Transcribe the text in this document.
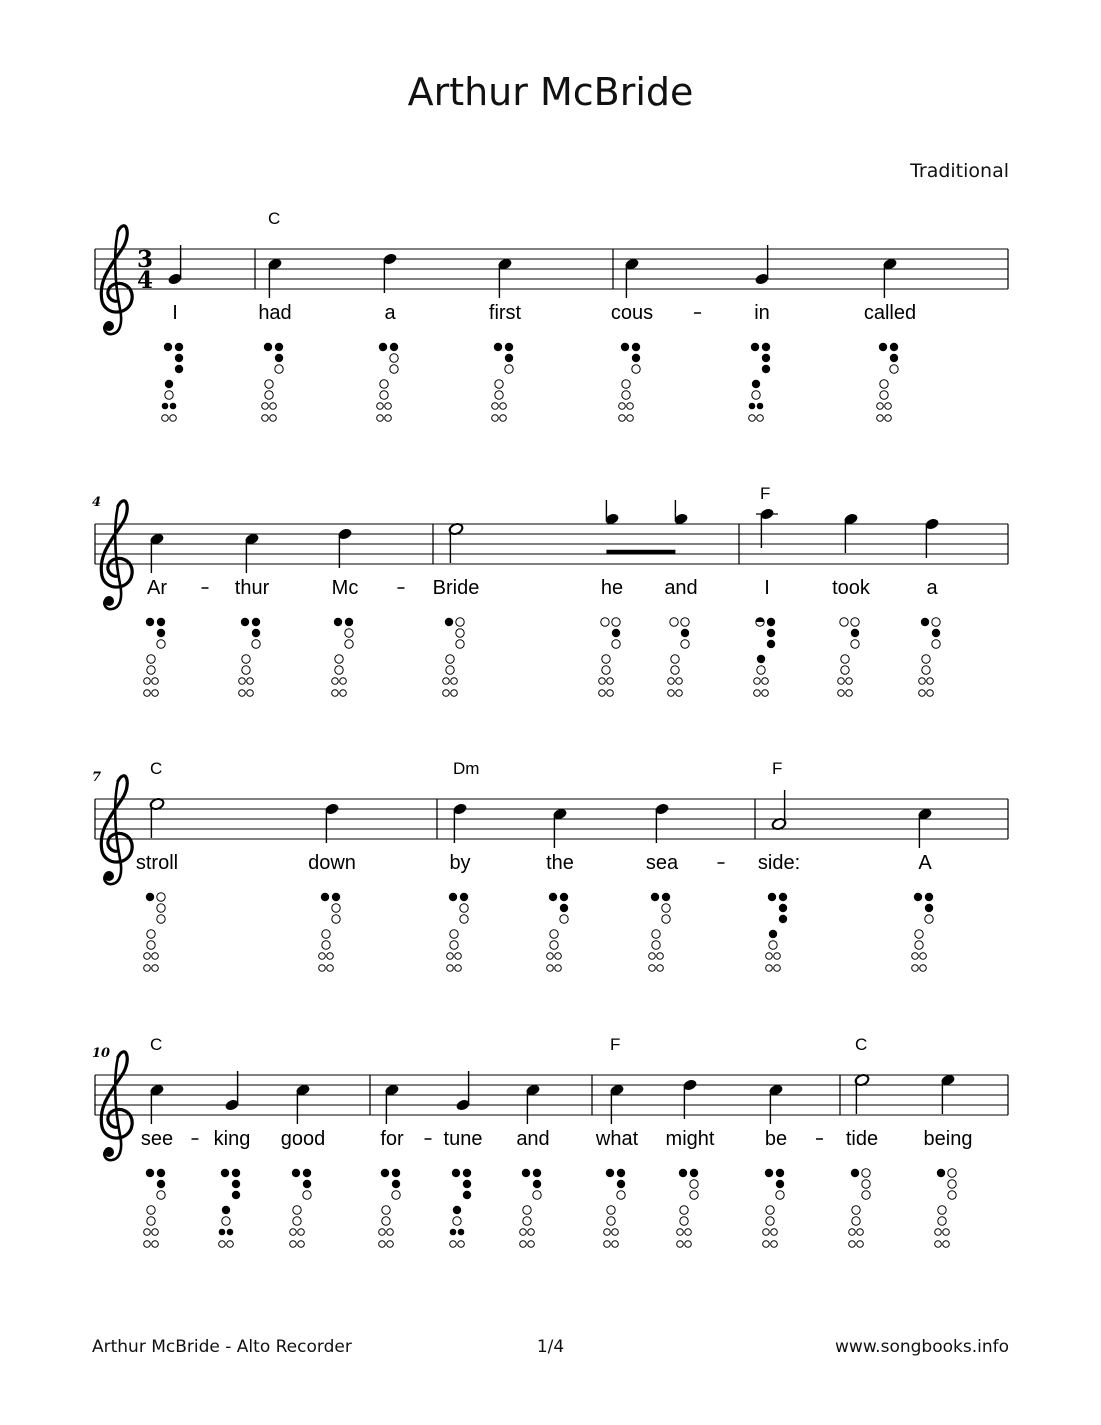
Arthur McBride
Traditional
3
4
C
I	had	a	first	cous	in	called
4	F
Ar	thur	Mc	Bride	he and	I	took	a
7	C	Dm	F
stroll	down	by	the	sea	side:	A
10 C	F	C
see king good	for tune and what might	be	tide being
Arthur McBride - Alto Recorder	1/4	www.songbooks.info
